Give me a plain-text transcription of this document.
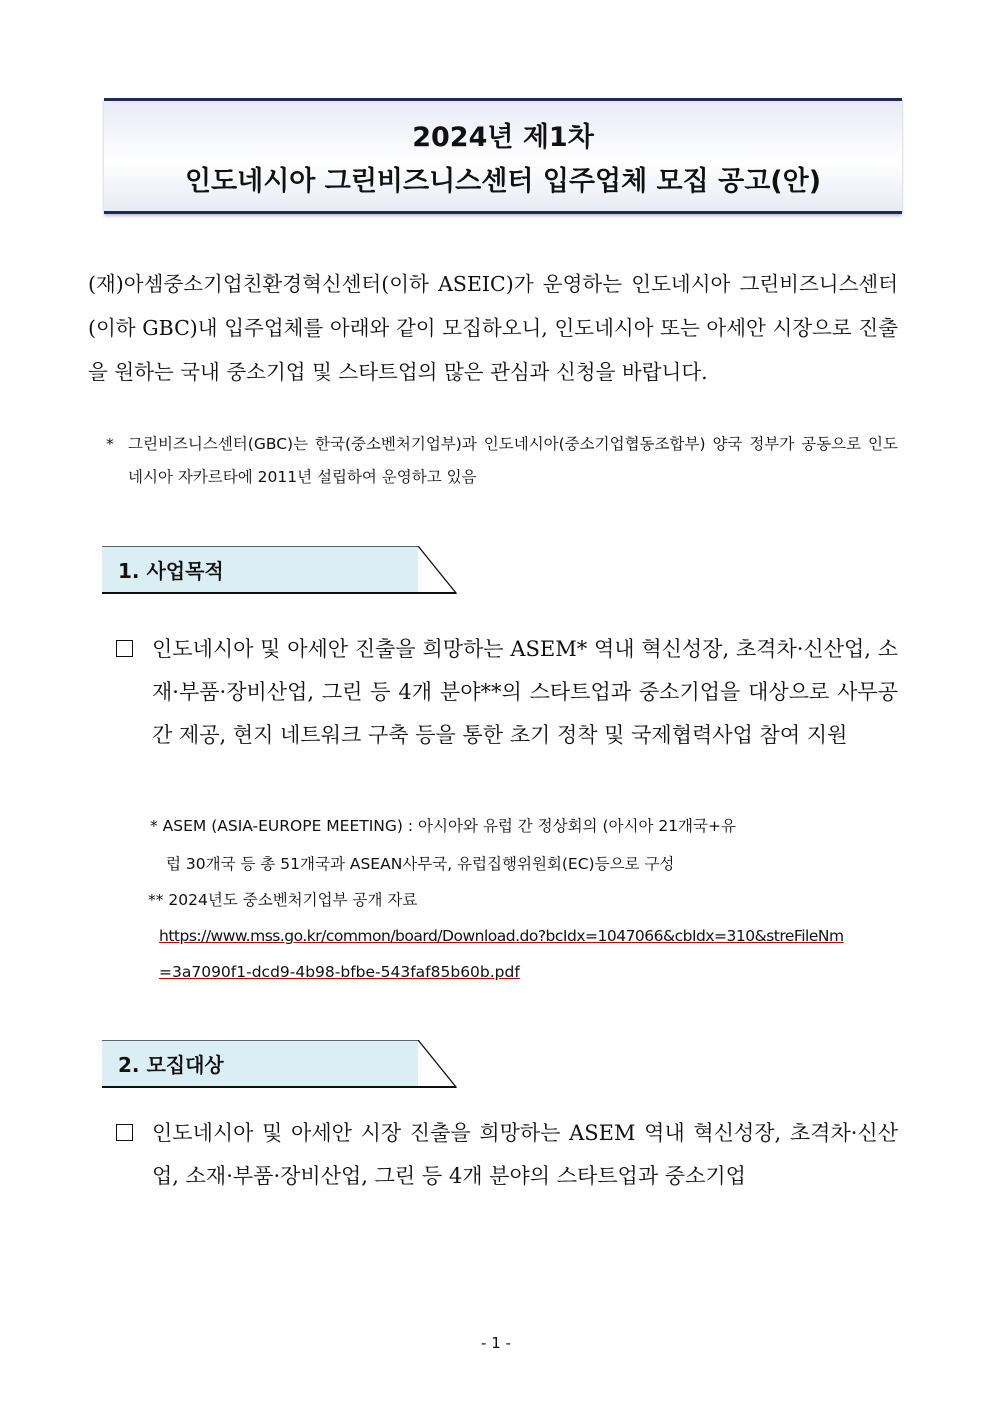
2024년 제1차
인도네시아 그린비즈니스센터 입주업체 모집 공고(안)
(재)아셈중소기업친환경혁신센터(이하 ASEIC)가 운영하는 인도네시아 그린비즈니스센터(이하 GBC)내 입주업체를 아래와 같이 모집하오니, 인도네시아 또는 아세안 시장으로 진출을 원하는 국내 중소기업 및 스타트업의 많은 관심과 신청을 바랍니다.
* 그린비즈니스센터(GBC)는 한국(중소벤처기업부)과 인도네시아(중소기업협동조합부) 양국 정부가 공동으로 인도네시아 자카르타에 2011년 설립하여 운영하고 있음
1. 사업목적
인도네시아 및 아세안 진출을 희망하는 ASEM* 역내 혁신성장, 초격차·신산업, 소재·부품·장비산업, 그린 등 4개 분야**의 스타트업과 중소기업을 대상으로 사무공간 제공, 현지 네트워크 구축 등을 통한 초기 정착 및 국제협력사업 참여 지원
* ASEM (ASIA-EUROPE MEETING) : 아시아와 유럽 간 정상회의 (아시아 21개국+유
럽 30개국 등 총 51개국과 ASEAN사무국, 유럽집행위원회(EC)등으로 구성
** 2024년도 중소벤처기업부 공개 자료
https://www.mss.go.kr/common/board/Download.do?bcIdx=1047066&cbIdx=310&streFileNm
=3a7090f1-dcd9-4b98-bfbe-543faf85b60b.pdf
2. 모집대상
인도네시아 및 아세안 시장 진출을 희망하는 ASEM 역내 혁신성장, 초격차·신산업, 소재·부품·장비산업, 그린 등 4개 분야의 스타트업과 중소기업
- 1 -
